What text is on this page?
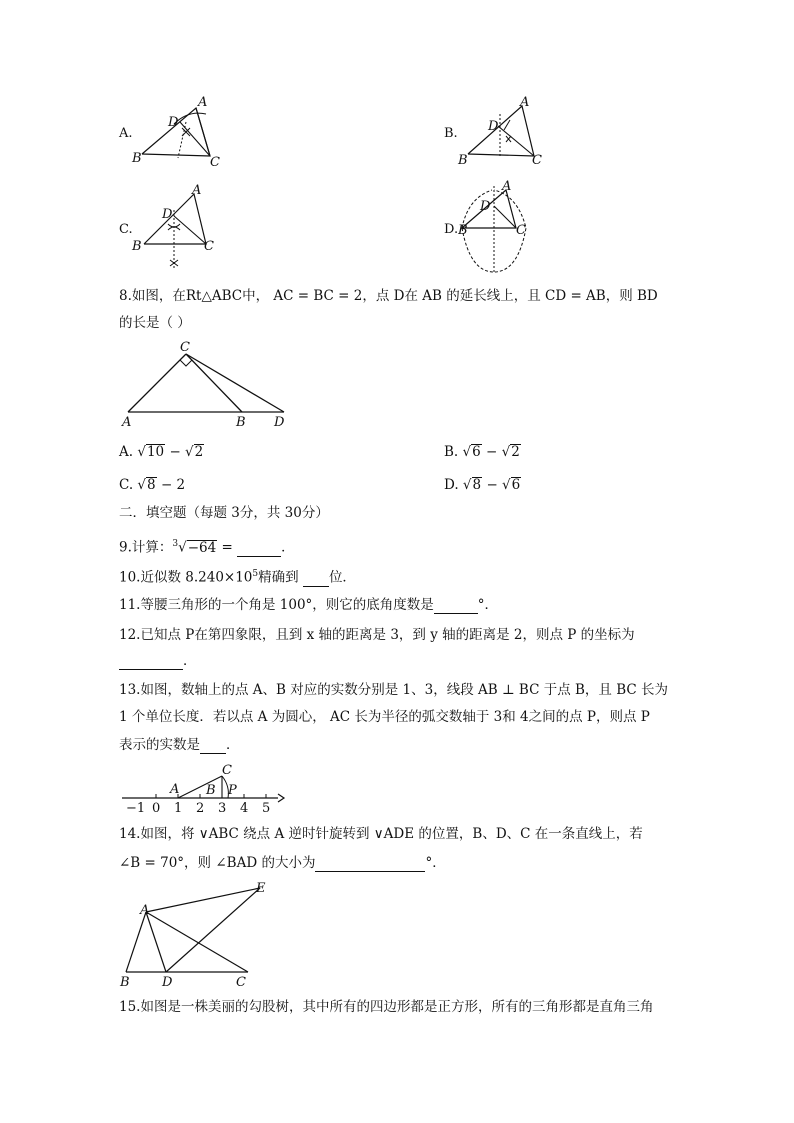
A.
A
D
B	C
B.
A
D
B	C
C.
A
D
B	C
D.
A
D
B	C
8.如图，在Rt△ABC中， AC = BC = 2，点 D在 AB 的延长线上，且 CD = AB，则 BD
的长是（ ）
C
A	B D
A. √10 − √2	B. √6 − √2
C. √8 − 2	D. √8 − √6
二．填空题（每题 3分，共 30分）
9.计算：$^3$√−64 =	．
10.近似数 $8.240\times 10^5$精确到 位．
11.等腰三角形的一个角是 100°，则它的底角度数是	°．
12.已知点 P在第四象限，且到 x 轴的距离是 3，到 y 轴的距离是 2，则点 P 的坐标为
．
13.如图，数轴上的点 A、B 对应的实数分别是 1、3，线段 AB ⊥ BC 于点 B，且 BC 长为
1 个单位长度．若以点 A 为圆心， AC 长为半径的弧交数轴于 3和 4之间的点 P，则点 P
表示的实数是 ．
A B
C
P
−1 0 1 2 3 4 5
14.如图，将 ∨ABC 绕点 A 逆时针旋转到 ∨ADE 的位置，B、D、C 在一条直线上，若
∠B = 70°，则 ∠BAD 的大小为	°．
A
B D	C
E
15.如图是一株美丽的勾股树，其中所有的四边形都是正方形，所有的三角形都是直角三角
